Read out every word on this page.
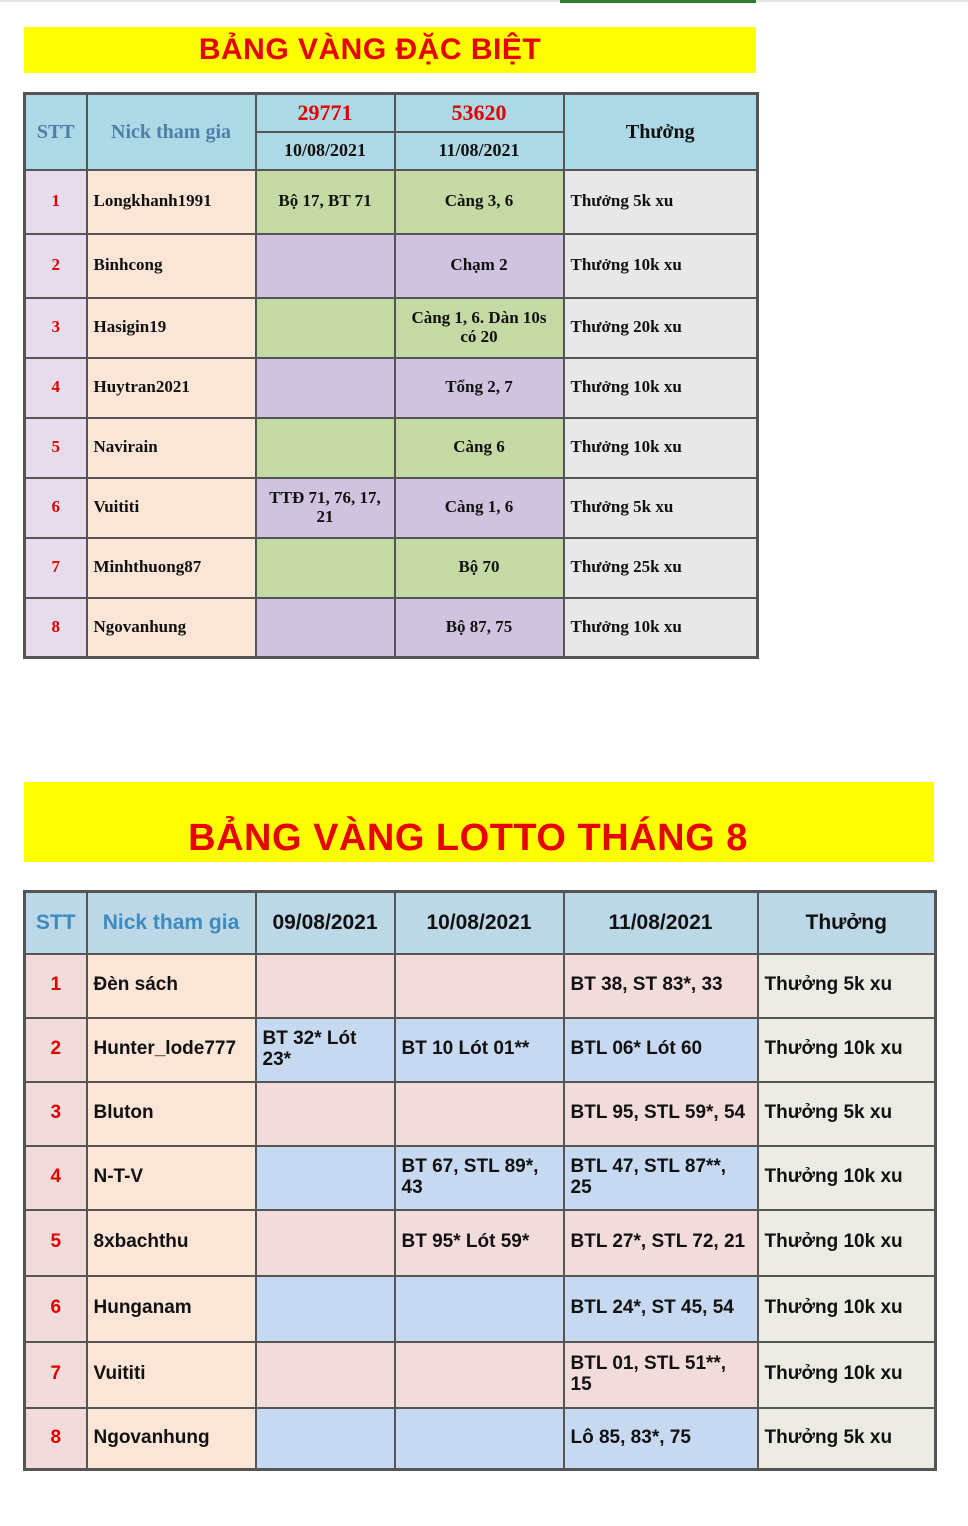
BẢNG VÀNG ĐẶC BIỆT
STT	Nick tham gia	29771	53620	Thưởng
		10/08/2021	11/08/2021	
1	Longkhanh1991	Bộ 17, BT 71	Càng 3, 6	Thưởng 5k xu
2	Binhcong		Chạm 2	Thưởng 10k xu
3	Hasigin19		Càng 1, 6. Dàn 10s có 20	Thưởng 20k xu
4	Huytran2021		Tổng 2, 7	Thưởng 10k xu
5	Navirain		Càng 6	Thưởng 10k xu
6	Vuititi	TTĐ 71, 76, 17, 21	Càng 1, 6	Thưởng 5k xu
7	Minhthuong87		Bộ 70	Thưởng 25k xu
8	Ngovanhung		Bộ 87, 75	Thưởng 10k xu
BẢNG VÀNG LOTTO THÁNG 8
STT	Nick tham gia	09/08/2021	10/08/2021	11/08/2021	Thưởng
1	Đèn sách			BT 38, ST 83*, 33	Thưởng 5k xu
2	Hunter_lode777	BT 32* Lót 23*	BT 10 Lót 01**	BTL 06* Lót 60	Thưởng 10k xu
3	Bluton			BTL 95, STL 59*, 54	Thưởng 5k xu
4	N-T-V		BT 67, STL 89*, 43	BTL 47, STL 87**, 25	Thưởng 10k xu
5	8xbachthu		BT 95* Lót 59*	BTL 27*, STL 72, 21	Thưởng 10k xu
6	Hunganam			BTL 24*, ST 45, 54	Thưởng 10k xu
7	Vuititi			BTL 01, STL 51**, 15	Thưởng 10k xu
8	Ngovanhung			Lô 85, 83*, 75	Thưởng 5k xu
